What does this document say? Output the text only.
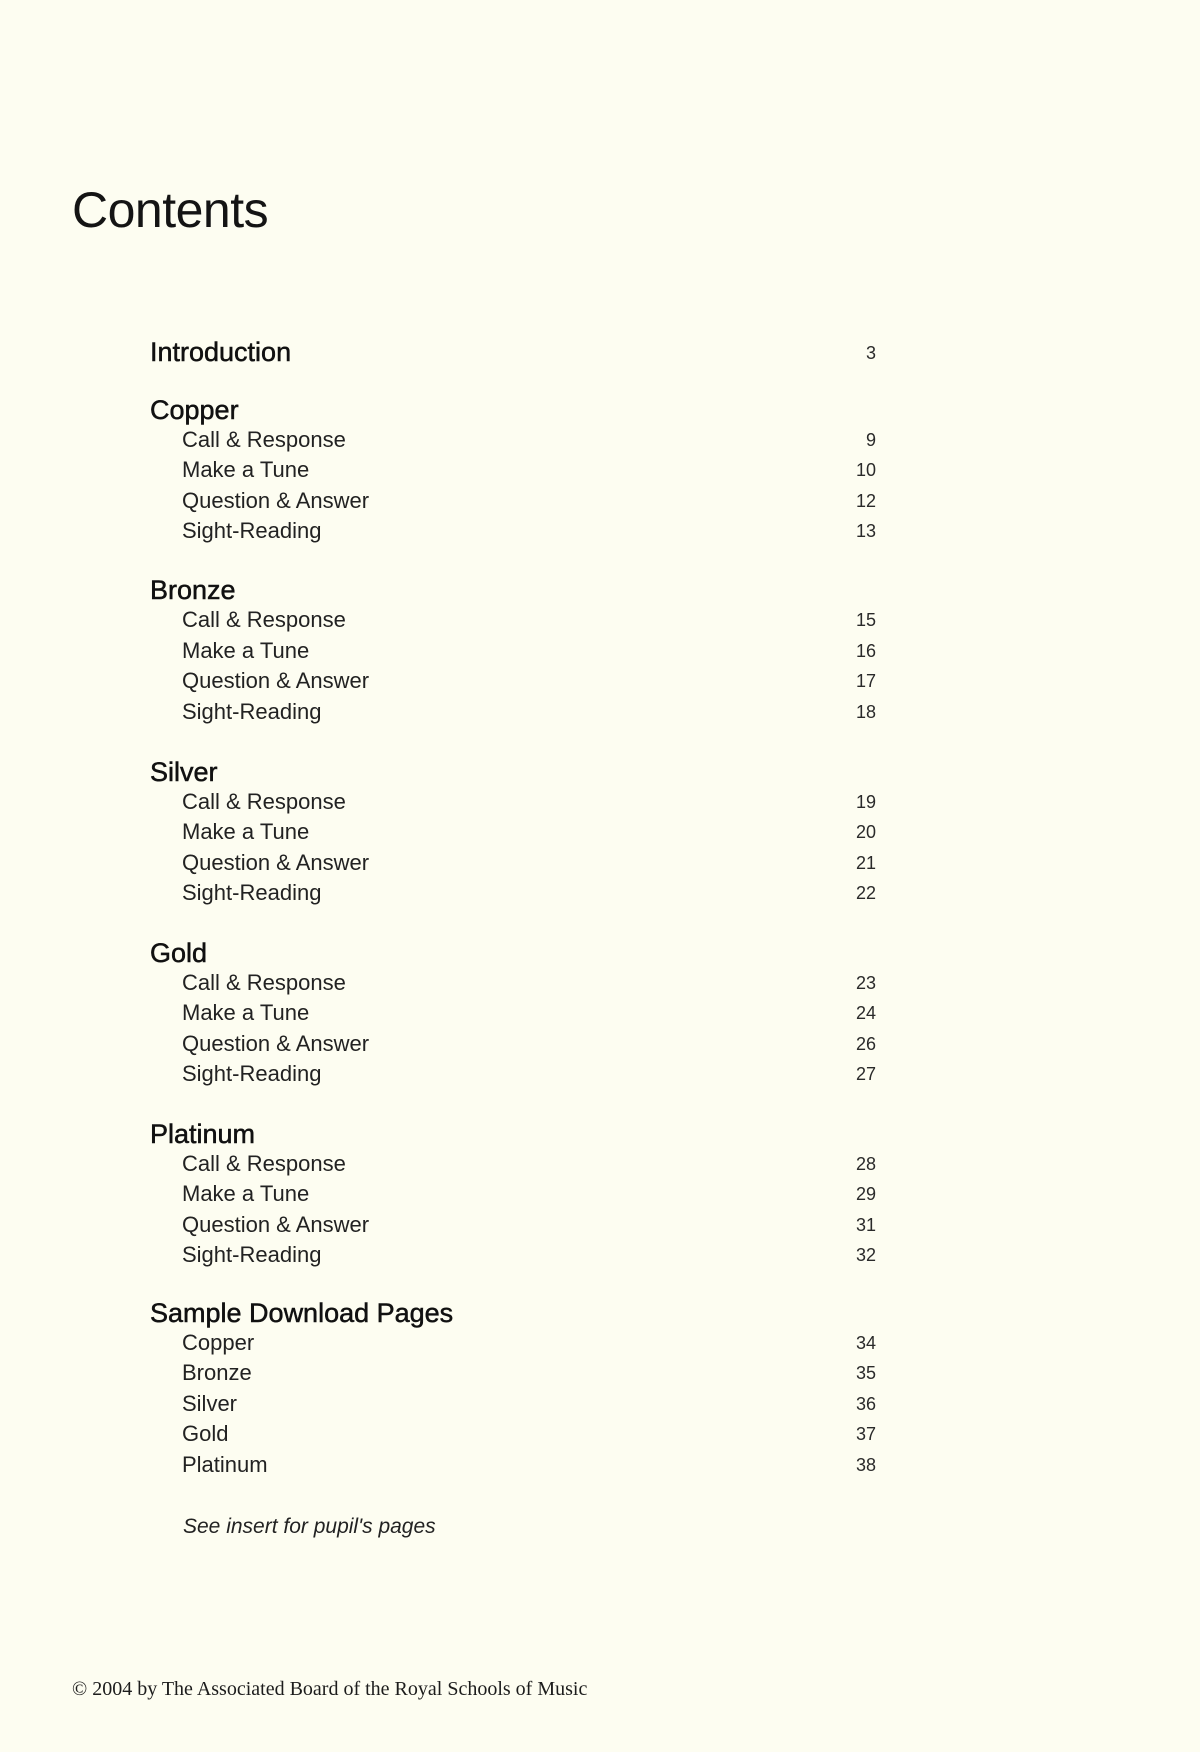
Contents
Introduction	3
Copper
Call & Response	9
Make a Tune	10
Question & Answer	12
Sight-Reading	13
Bronze
Call & Response	15
Make a Tune	16
Question & Answer	17
Sight-Reading	18
Silver
Call & Response	19
Make a Tune	20
Question & Answer	21
Sight-Reading	22
Gold
Call & Response	23
Make a Tune	24
Question & Answer	26
Sight-Reading	27
Platinum
Call & Response	28
Make a Tune	29
Question & Answer	31
Sight-Reading	32
Sample Download Pages
Copper	34
Bronze	35
Silver	36
Gold	37
Platinum	38
See insert for pupil's pages
© 2004 by The Associated Board of the Royal Schools of Music
